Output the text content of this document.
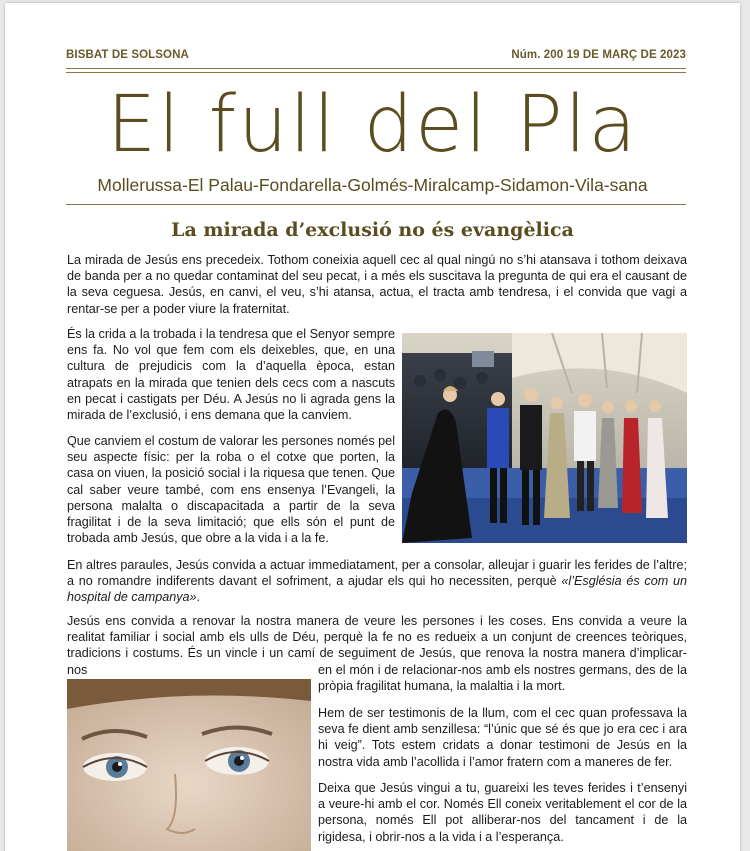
BISBAT DE SOLSONA	Núm. 200 19 DE MARÇ DE 2023
El full del Pla
Mollerussa-El Palau-Fondarella-Golmés-Miralcamp-Sidamon-Vila-sana
La mirada d’exclusió no és evangèlica
La mirada de Jesús ens precedeix. Tothom coneixia aquell cec al qual ningú no s’hi atansava i tothom deixava de banda per a no quedar contaminat del seu pecat, i a més els suscitava la pregunta de qui era el causant de la seva ceguesa. Jesús, en canvi, el veu, s’hi atansa, actua, el tracta amb tendresa, i el convida que vagi a rentar-se per a poder viure la fraternitat.
És la crida a la trobada i la tendresa que el Senyor sempre ens fa. No vol que fem com els deixebles, que, en una cultura de prejudicis com la d’aquella època, estan atrapats en la mirada que tenien dels cecs com a nascuts en pecat i castigats per Déu. A Jesús no li agrada gens la mirada de l’exclusió, i ens demana que la canviem.
Que canviem el costum de valorar les persones només pel seu aspecte físic: per la roba o el cotxe que porten, la casa on viuen, la posició social i la riquesa que tenen. Que cal saber veure també, com ens ensenya l’Evangeli, la persona malalta o discapacitada a partir de la seva fragilitat i de la seva limitació; que ells són el punt de trobada amb Jesús, que obre a la vida i a la fe.
En altres paraules, Jesús convida a actuar immediatament, per a consolar, alleujar i guarir les ferides de l’altre; a no romandre indiferents davant el sofriment, a ajudar els qui ho necessiten, perquè «l’Església és com un hospital de campanya».
Jesús ens convida a renovar la nostra manera de veure les persones i les coses. Ens convida a veure la realitat familiar i social amb els ulls de Déu, perquè la fe no es redueix a un conjunt de creences teòriques, tradicions i costums. És un vincle i un camí de seguiment de Jesús, que renova la nostra manera d’implicar-nos	en el món i de relacionar-nos amb els nostres germans, des de la pròpia fragilitat humana, la malaltia i la mort.
Hem de ser testimonis de la llum, com el cec quan professava la seva fe dient amb senzillesa: “l’únic que sé és que jo era cec i ara hi veig”. Tots estem cridats a donar testimoni de Jesús en la nostra vida amb l’acollida i l’amor fratern com a maneres de fer.
Deixa que Jesús vingui a tu, guareixi les teves ferides i t’ensenyi a veure-hi amb el cor. Només Ell coneix veritablement el cor de la persona, només Ell pot alliberar-nos del tancament i de la rigidesa, i obrir-nos a la vida i a l’esperança.
